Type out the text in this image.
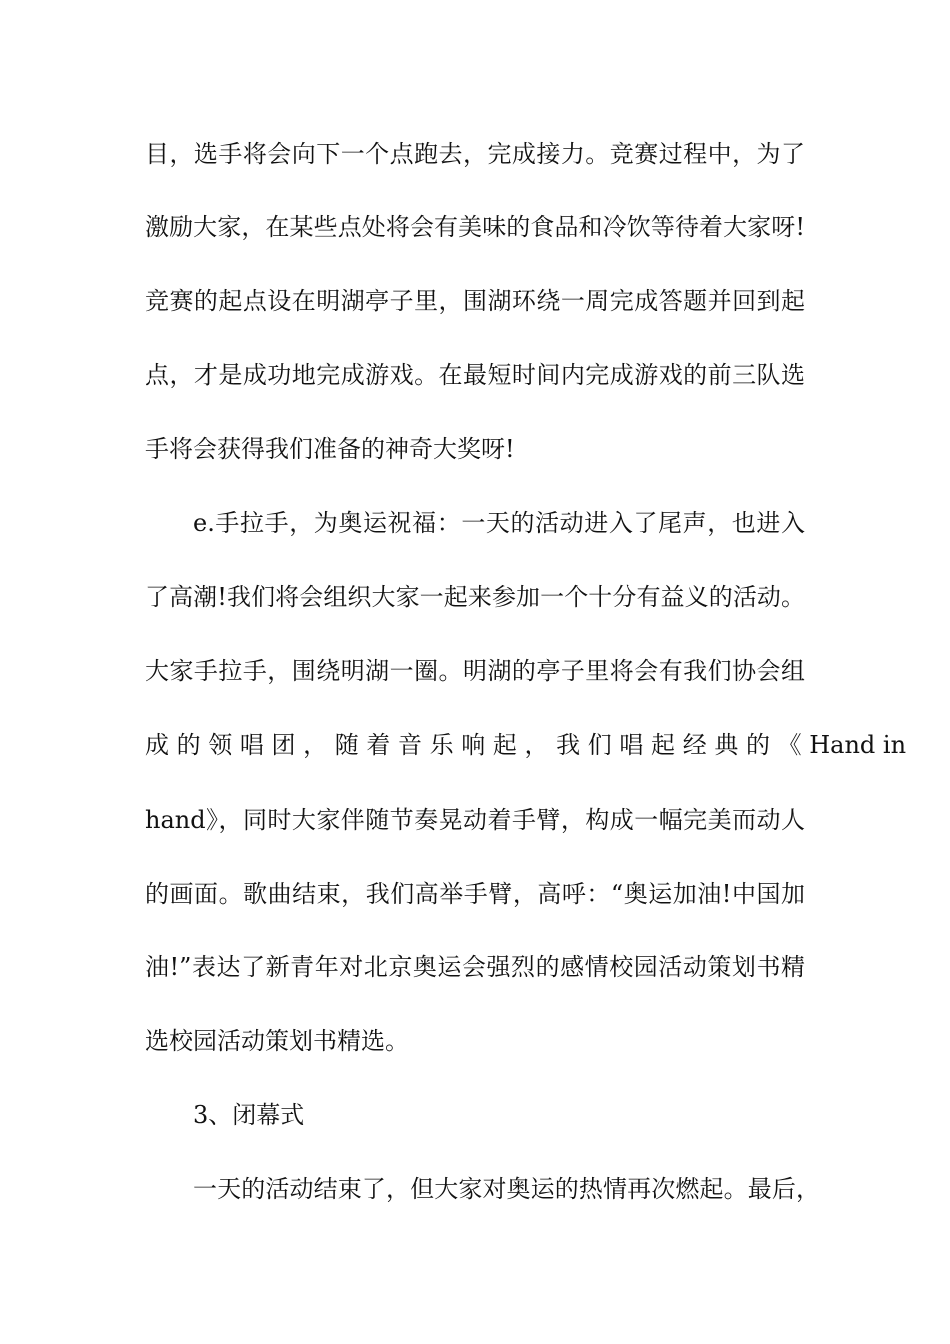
目，选手将会向下一个点跑去，完成接力。竞赛过程中，为了
激励大家，在某些点处将会有美味的食品和冷饮等待着大家呀!
竞赛的起点设在明湖亭子里，围湖环绕一周完成答题并回到起
点，才是成功地完成游戏。在最短时间内完成游戏的前三队选
手将会获得我们准备的神奇大奖呀!
e.手拉手，为奥运祝福：一天的活动进入了尾声，也进入
了高潮!我们将会组织大家一起来参加一个十分有益义的活动。
大家手拉手，围绕明湖一圈。明湖的亭子里将会有我们协会组
成 的 领 唱 团 ， 随 着 音 乐 响 起 ， 我 们 唱 起 经 典 的 《 Hand in
hand》，同时大家伴随节奏晃动着手臂，构成一幅完美而动人
的画面。歌曲结束，我们高举手臂，高呼：“奥运加油!中国加
油!”表达了新青年对北京奥运会强烈的感情校园活动策划书精
选校园活动策划书精选。
3、闭幕式
一天的活动结束了，但大家对奥运的热情再次燃起。最后，
